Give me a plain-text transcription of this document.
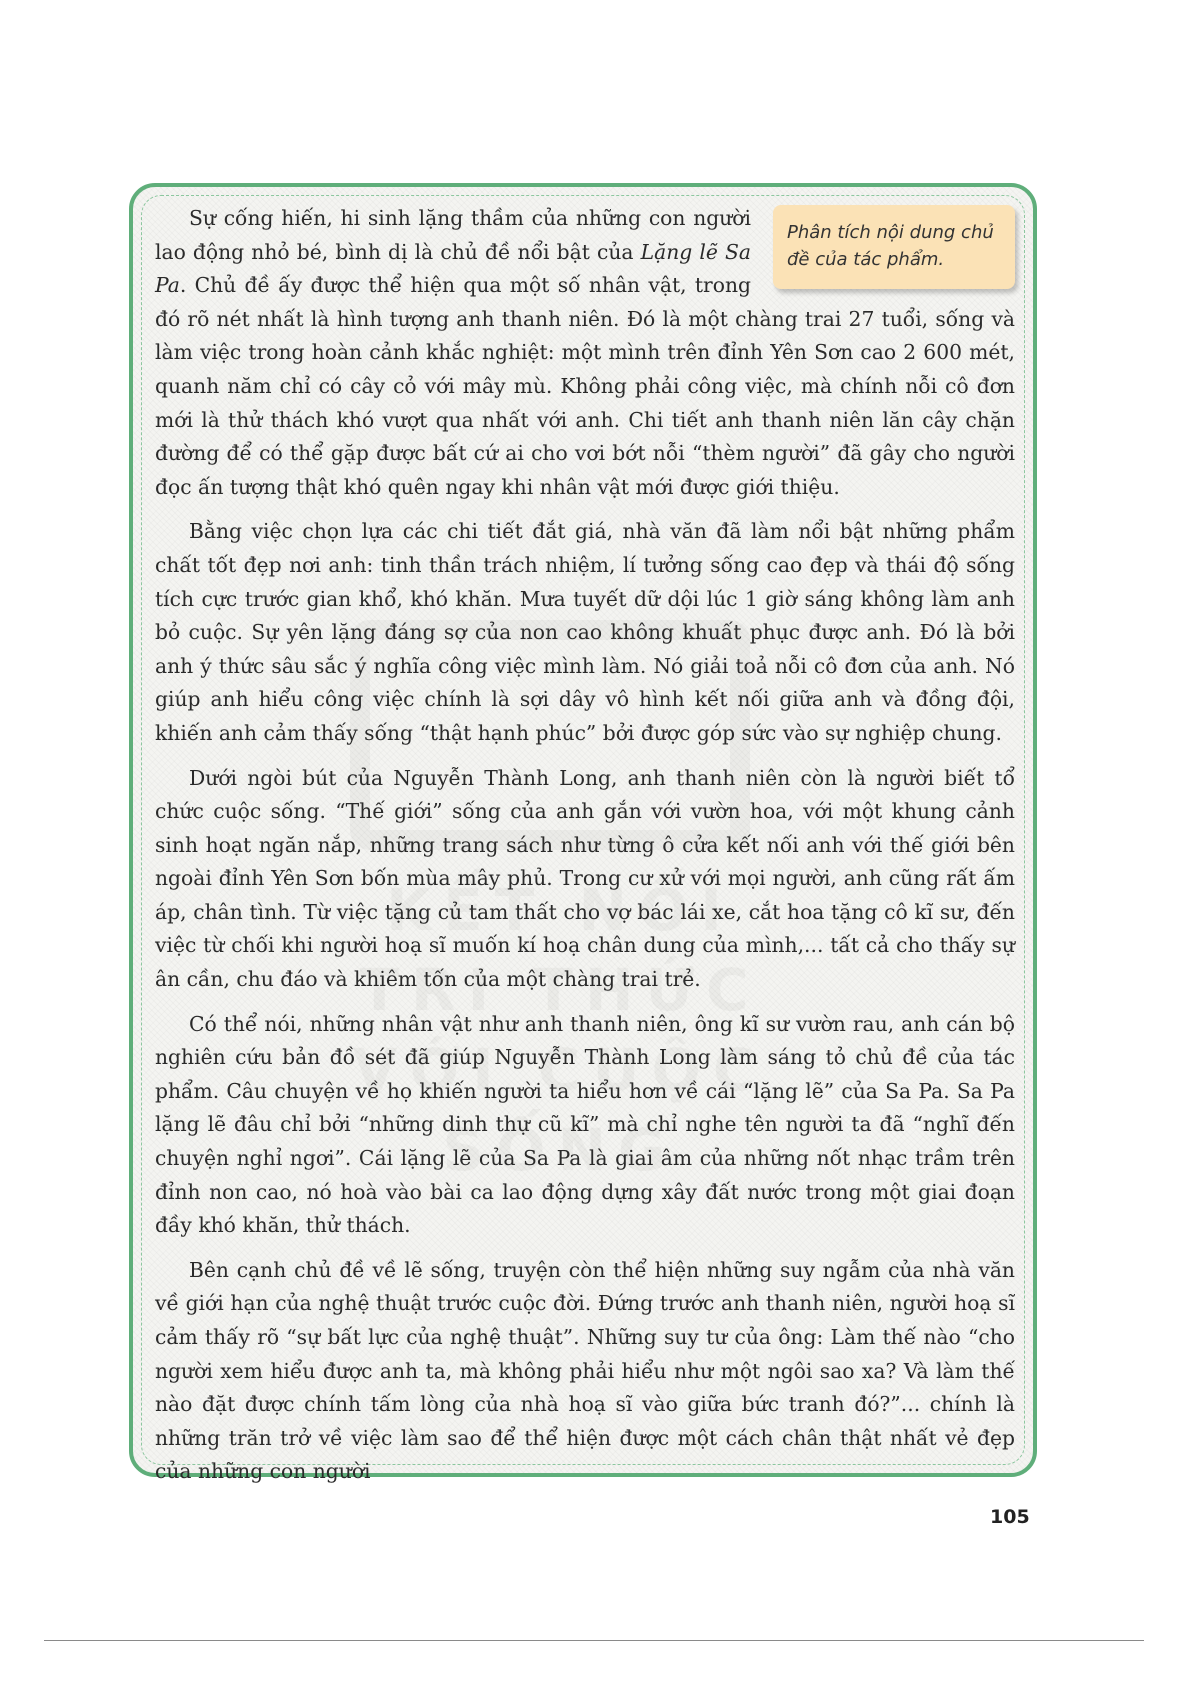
Phân tích nội dung chủ đề của tác phẩm.
Sự cống hiến, hi sinh lặng thầm của những con người lao động nhỏ bé, bình dị là chủ đề nổi bật của Lặng lẽ Sa Pa. Chủ đề ấy được thể hiện qua một số nhân vật, trong đó rõ nét nhất là hình tượng anh thanh niên. Đó là một chàng trai 27 tuổi, sống và làm việc trong hoàn cảnh khắc nghiệt: một mình trên đỉnh Yên Sơn cao 2 600 mét, quanh năm chỉ có cây cỏ với mây mù. Không phải công việc, mà chính nỗi cô đơn mới là thử thách khó vượt qua nhất với anh. Chi tiết anh thanh niên lăn cây chặn đường để có thể gặp được bất cứ ai cho vơi bớt nỗi “thèm người” đã gây cho người đọc ấn tượng thật khó quên ngay khi nhân vật mới được giới thiệu.

Bằng việc chọn lựa các chi tiết đắt giá, nhà văn đã làm nổi bật những phẩm chất tốt đẹp nơi anh: tinh thần trách nhiệm, lí tưởng sống cao đẹp và thái độ sống tích cực trước gian khổ, khó khăn. Mưa tuyết dữ dội lúc 1 giờ sáng không làm anh bỏ cuộc. Sự yên lặng đáng sợ của non cao không khuất phục được anh. Đó là bởi anh ý thức sâu sắc ý nghĩa công việc mình làm. Nó giải toả nỗi cô đơn của anh. Nó giúp anh hiểu công việc chính là sợi dây vô hình kết nối giữa anh và đồng đội, khiến anh cảm thấy sống “thật hạnh phúc” bởi được góp sức vào sự nghiệp chung.

Dưới ngòi bút của Nguyễn Thành Long, anh thanh niên còn là người biết tổ chức cuộc sống. “Thế giới” sống của anh gắn với vườn hoa, với một khung cảnh sinh hoạt ngăn nắp, những trang sách như từng ô cửa kết nối anh với thế giới bên ngoài đỉnh Yên Sơn bốn mùa mây phủ. Trong cư xử với mọi người, anh cũng rất ấm áp, chân tình. Từ việc tặng củ tam thất cho vợ bác lái xe, cắt hoa tặng cô kĩ sư, đến việc từ chối khi người hoạ sĩ muốn kí hoạ chân dung của mình,... tất cả cho thấy sự ân cần, chu đáo và khiêm tốn của một chàng trai trẻ.

Có thể nói, những nhân vật như anh thanh niên, ông kĩ sư vườn rau, anh cán bộ nghiên cứu bản đồ sét đã giúp Nguyễn Thành Long làm sáng tỏ chủ đề của tác phẩm. Câu chuyện về họ khiến người ta hiểu hơn về cái “lặng lẽ” của Sa Pa. Sa Pa lặng lẽ đâu chỉ bởi “những dinh thự cũ kĩ” mà chỉ nghe tên người ta đã “nghĩ đến chuyện nghỉ ngơi”. Cái lặng lẽ của Sa Pa là giai âm của những nốt nhạc trầm trên đỉnh non cao, nó hoà vào bài ca lao động dựng xây đất nước trong một giai đoạn đầy khó khăn, thử thách.

Bên cạnh chủ đề về lẽ sống, truyện còn thể hiện những suy ngẫm của nhà văn về giới hạn của nghệ thuật trước cuộc đời. Đứng trước anh thanh niên, người hoạ sĩ cảm thấy rõ “sự bất lực của nghệ thuật”. Những suy tư của ông: Làm thế nào “cho người xem hiểu được anh ta, mà không phải hiểu như một ngôi sao xa? Và làm thế nào đặt được chính tấm lòng của nhà hoạ sĩ vào giữa bức tranh đó?”... chính là những trăn trở về việc làm sao để thể hiện được một cách chân thật nhất vẻ đẹp của những con người

105
